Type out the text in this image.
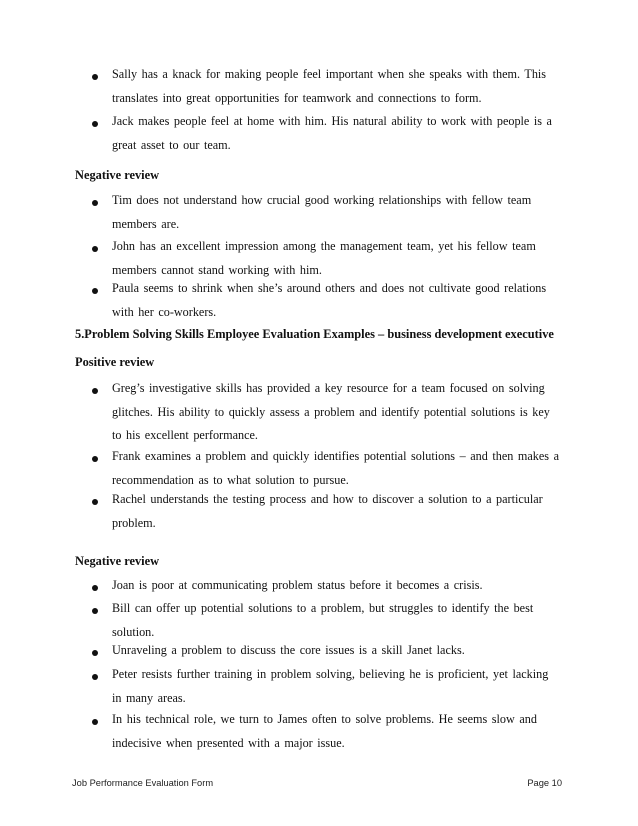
Sally has a knack for making people feel important when she speaks with them. This translates into great opportunities for teamwork and connections to form.
Jack makes people feel at home with him. His natural ability to work with people is a great asset to our team.
Negative review
Tim does not understand how crucial good working relationships with fellow team members are.
John has an excellent impression among the management team, yet his fellow team members cannot stand working with him.
Paula seems to shrink when she’s around others and does not cultivate good relations with her co-workers.
5.Problem Solving Skills Employee Evaluation Examples – business development executive
Positive review
Greg’s investigative skills has provided a key resource for a team focused on solving glitches. His ability to quickly assess a problem and identify potential solutions is key to his excellent performance.
Frank examines a problem and quickly identifies potential solutions – and then makes a recommendation as to what solution to pursue.
Rachel understands the testing process and how to discover a solution to a particular problem.
Negative review
Joan is poor at communicating problem status before it becomes a crisis.
Bill can offer up potential solutions to a problem, but struggles to identify the best solution.
Unraveling a problem to discuss the core issues is a skill Janet lacks.
Peter resists further training in problem solving, believing he is proficient, yet lacking in many areas.
In his technical role, we turn to James often to solve problems. He seems slow and indecisive when presented with a major issue.
Job Performance Evaluation Form	Page 10
